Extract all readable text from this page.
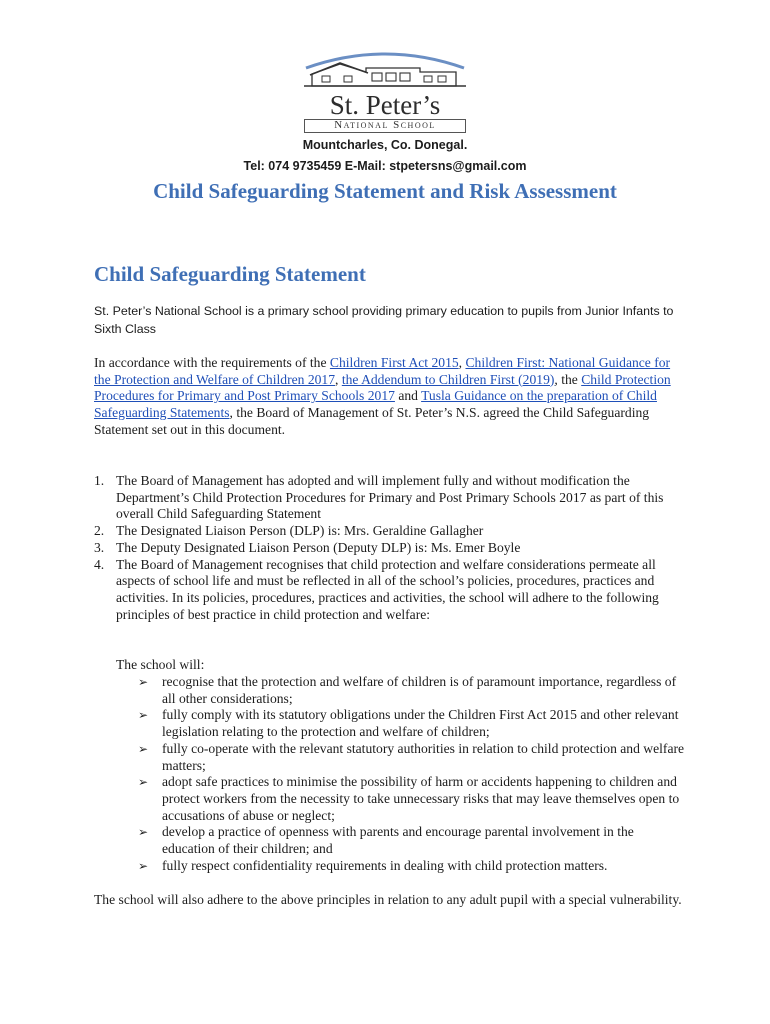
St. Peter’s
National School
Mountcharles, Co. Donegal.
Tel: 074 9735459 E-Mail: stpetersns@gmail.com
Child Safeguarding Statement and Risk Assessment
Child Safeguarding Statement
St. Peter’s National School is a primary school providing primary education to pupils from Junior Infants to Sixth Class
In accordance with the requirements of the Children First Act 2015, Children First: National Guidance for the Protection and Welfare of Children 2017, the Addendum to Children First (2019), the Child Protection Procedures for Primary and Post Primary Schools 2017 and Tusla Guidance on the preparation of Child Safeguarding Statements, the Board of Management of St. Peter’s N.S. agreed the Child Safeguarding Statement set out in this document.
1. The Board of Management has adopted and will implement fully and without modification the Department’s Child Protection Procedures for Primary and Post Primary Schools 2017 as part of this overall Child Safeguarding Statement
2. The Designated Liaison Person (DLP) is: Mrs. Geraldine Gallagher
3. The Deputy Designated Liaison Person (Deputy DLP) is: Ms. Emer Boyle
4. The Board of Management recognises that child protection and welfare considerations permeate all aspects of school life and must be reflected in all of the school’s policies, procedures, practices and activities. In its policies, procedures, practices and activities, the school will adhere to the following principles of best practice in child protection and welfare:
The school will:
➢ recognise that the protection and welfare of children is of paramount importance, regardless of all other considerations;
➢ fully comply with its statutory obligations under the Children First Act 2015 and other relevant legislation relating to the protection and welfare of children;
➢ fully co-operate with the relevant statutory authorities in relation to child protection and welfare matters;
➢ adopt safe practices to minimise the possibility of harm or accidents happening to children and protect workers from the necessity to take unnecessary risks that may leave themselves open to accusations of abuse or neglect;
➢ develop a practice of openness with parents and encourage parental involvement in the education of their children; and
➢ fully respect confidentiality requirements in dealing with child protection matters.
The school will also adhere to the above principles in relation to any adult pupil with a special vulnerability.
